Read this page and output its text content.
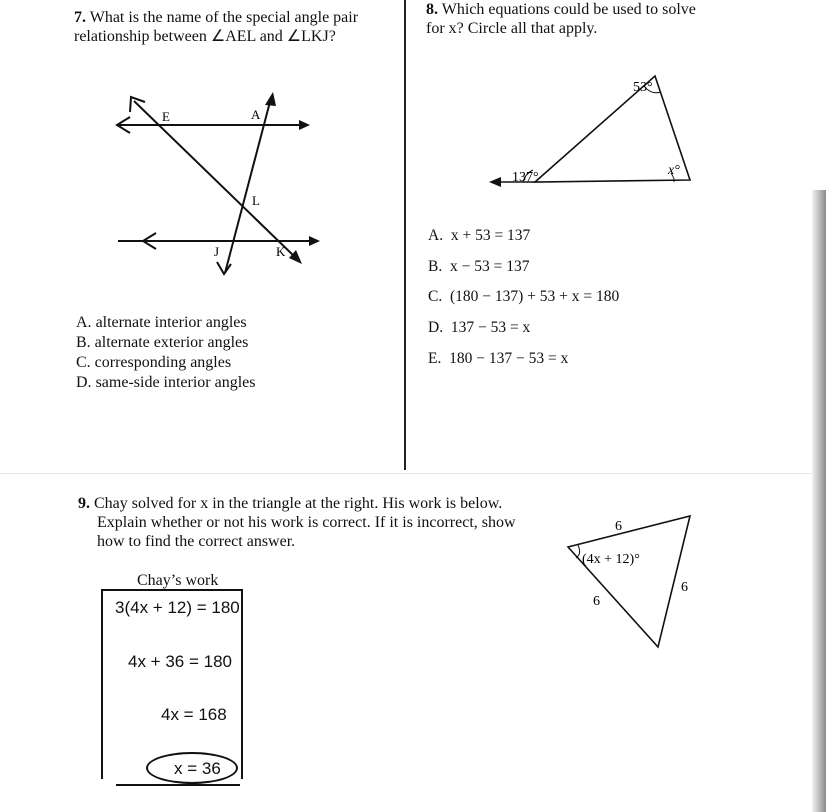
7. What is the name of the special angle pair
relationship between ∠AEL and ∠LKJ?
E	A
L
J	K
A. alternate interior angles
B. alternate exterior angles
C. corresponding angles
D. same-side interior angles
8. Which equations could be used to solve
for x? Circle all that apply.
53°
x°
137°
A. x + 53 = 137
B. x − 53 = 137
C. (180 − 137) + 53 + x = 180
D. 137 − 53 = x
E. 180 − 137 − 53 = x
9. Chay solved for x in the triangle at the right. His work is below.
Explain whether or not his work is correct. If it is incorrect, show
how to find the correct answer.
6
(4x + 12)°
6
6
Chay’s work
3(4x + 12) = 180
4x + 36 = 180
4x = 168
x = 36
